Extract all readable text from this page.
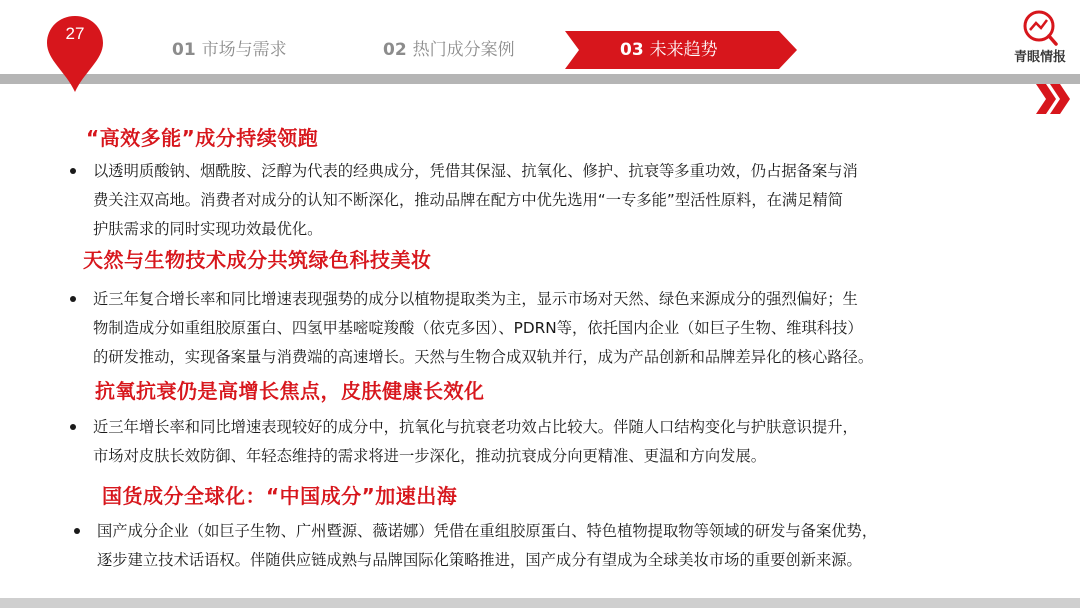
01 市场与需求	02 热门成分案例	03 未来趋势
27
青眼情报
“高效多能”成分持续领跑
以透明质酸钠、烟酰胺、泛醇为代表的经典成分，凭借其保湿、抗氧化、修护、抗衰等多重功效，仍占据备案与消
费关注双高地。消费者对成分的认知不断深化，推动品牌在配方中优先选用“一专多能”型活性原料，在满足精简
护肤需求的同时实现功效最优化。
天然与生物技术成分共筑绿色科技美妆
近三年复合增长率和同比增速表现强势的成分以植物提取类为主，显示市场对天然、绿色来源成分的强烈偏好；生
物制造成分如重组胶原蛋白、四氢甲基嘧啶羧酸（依克多因）、PDRN等，依托国内企业（如巨子生物、维琪科技）
的研发推动，实现备案量与消费端的高速增长。天然与生物合成双轨并行，成为产品创新和品牌差异化的核心路径。
抗氧抗衰仍是高增长焦点，皮肤健康长效化
近三年增长率和同比增速表现较好的成分中，抗氧化与抗衰老功效占比较大。伴随人口结构变化与护肤意识提升，
市场对皮肤长效防御、年轻态维持的需求将进一步深化，推动抗衰成分向更精准、更温和方向发展。
国货成分全球化：“中国成分”加速出海
国产成分企业（如巨子生物、广州暨源、薇诺娜）凭借在重组胶原蛋白、特色植物提取物等领域的研发与备案优势，
逐步建立技术话语权。伴随供应链成熟与品牌国际化策略推进，国产成分有望成为全球美妆市场的重要创新来源。
